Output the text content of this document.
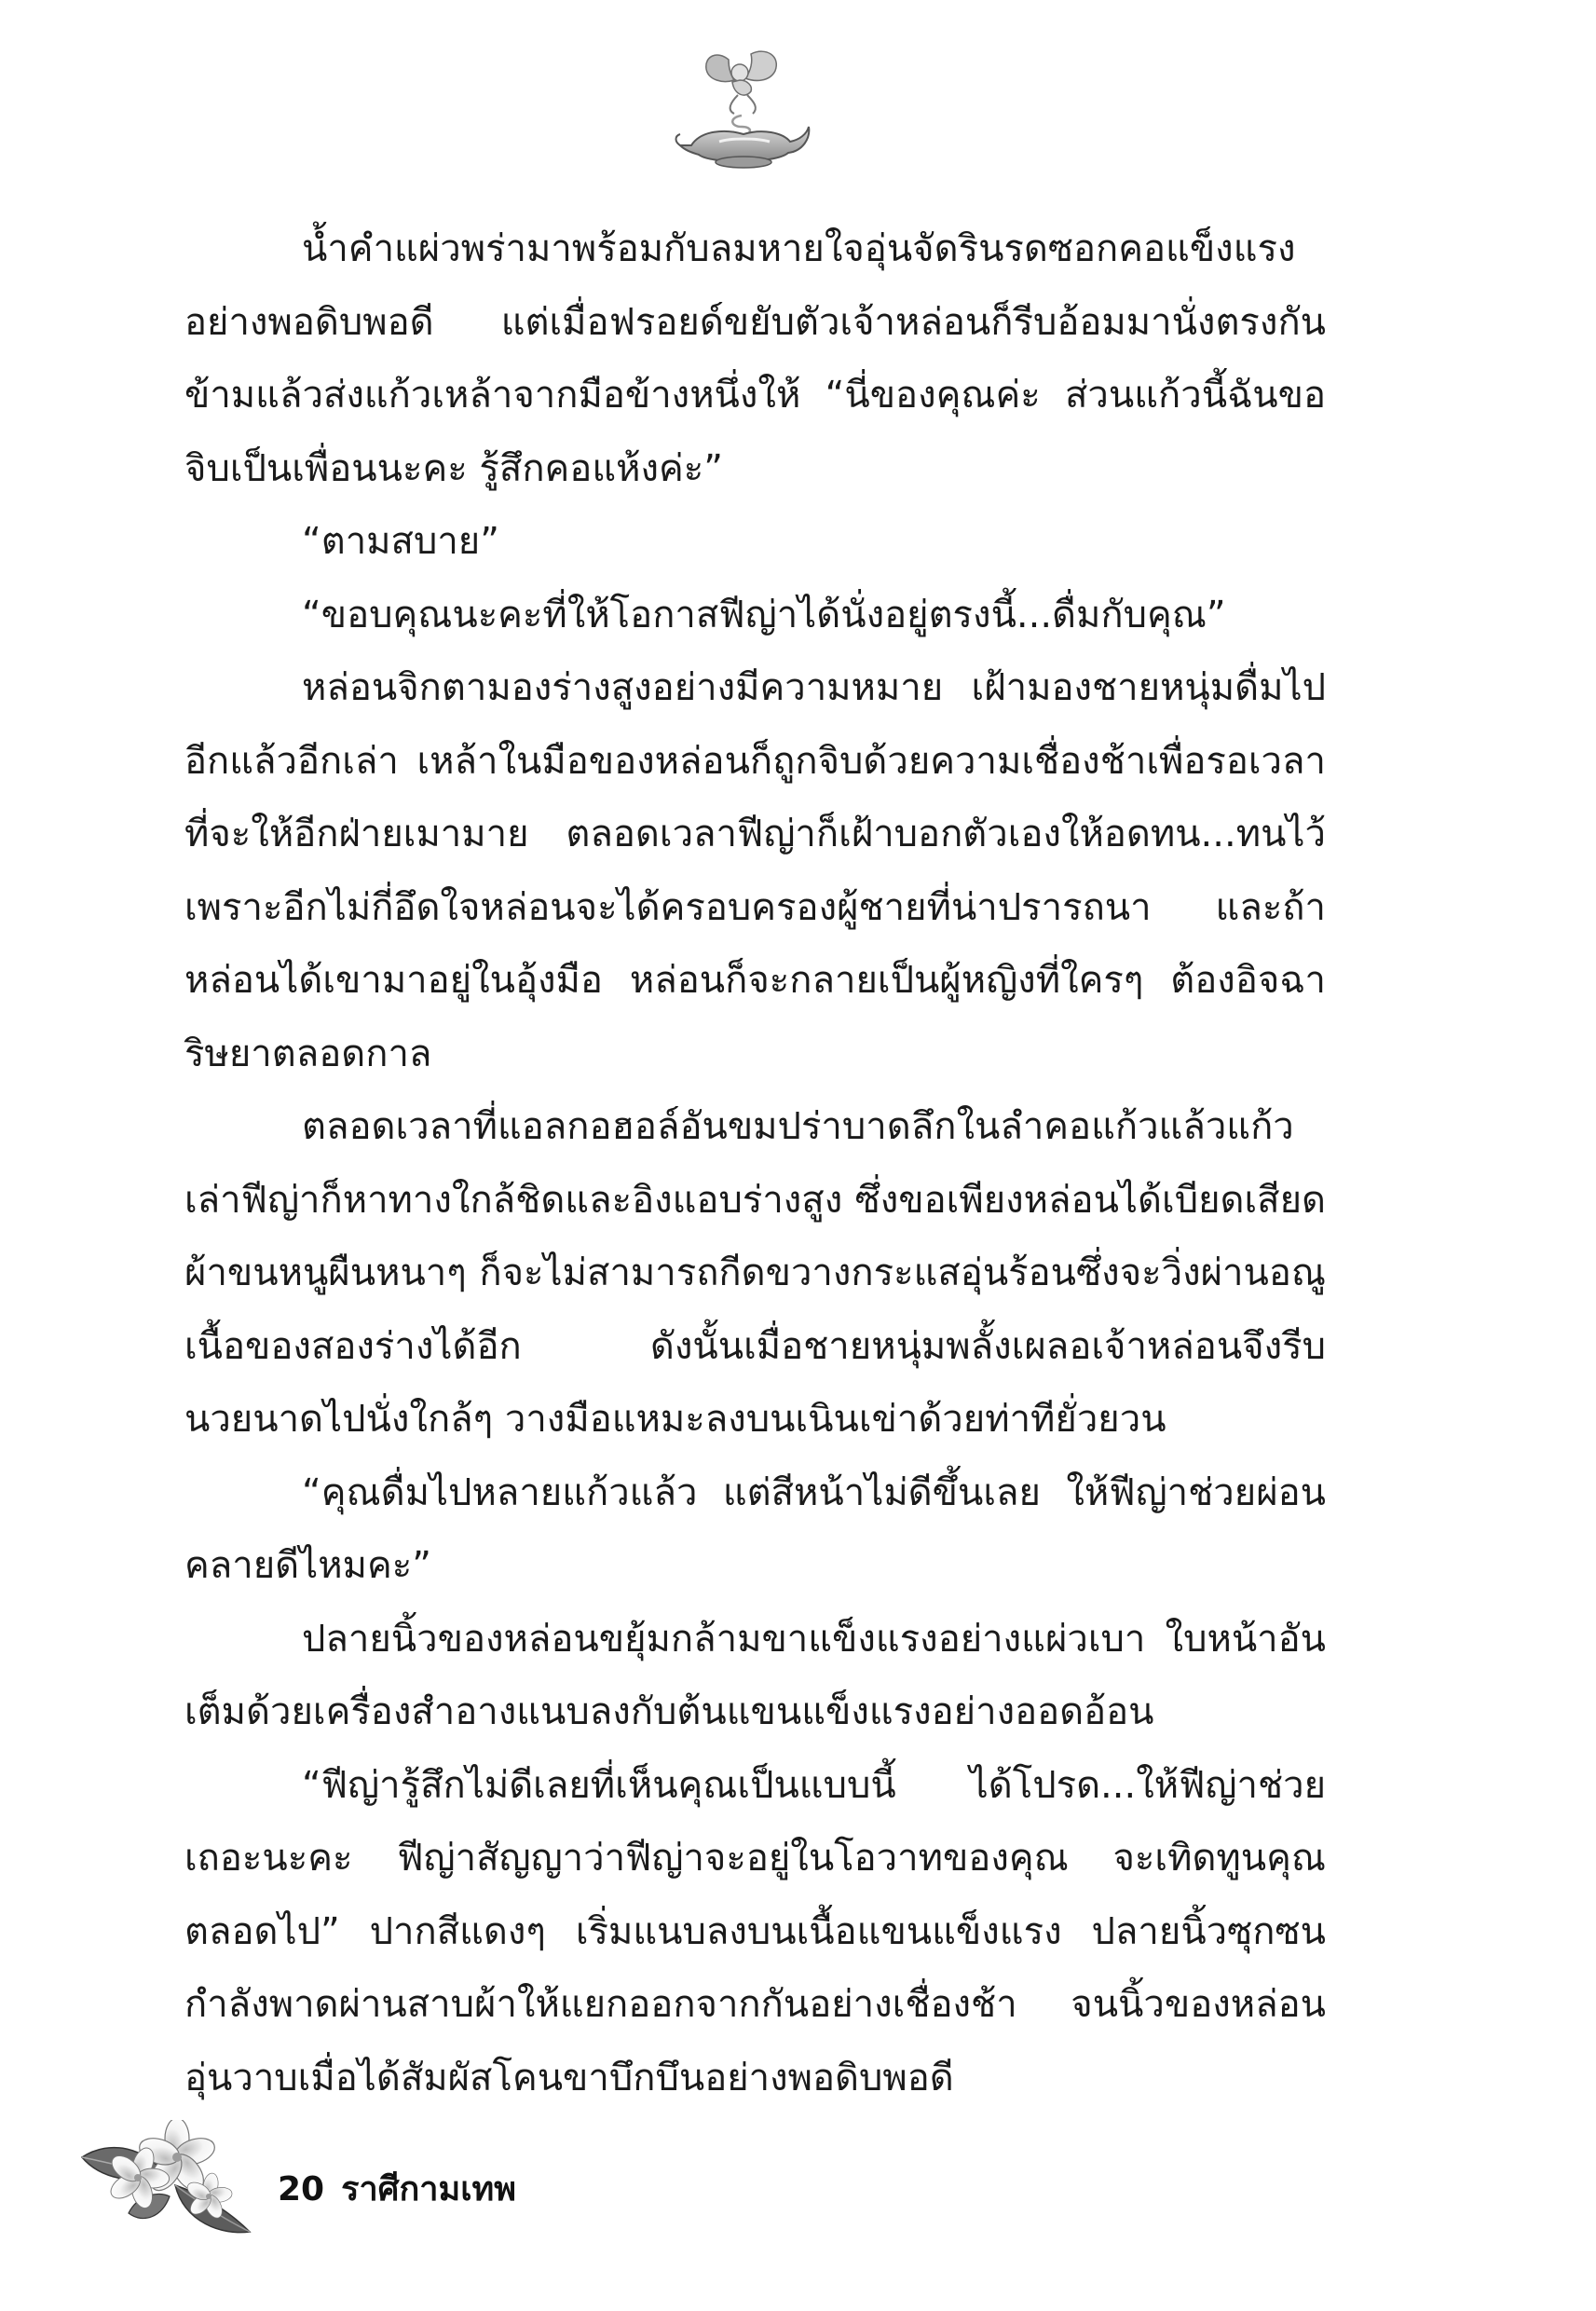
น้ำคำแผ่วพร่ามาพร้อมกับลมหายใจอุ่นจัดรินรดซอกคอแข็งแรงอย่างพอดิบพอดี แต่เมื่อฟรอยด์ขยับตัวเจ้าหล่อนก็รีบอ้อมมานั่งตรงกันข้ามแล้วส่งแก้วเหล้าจากมือข้างหนึ่งให้ “นี่ของคุณค่ะ ส่วนแก้วนี้ฉันขอจิบเป็นเพื่อนนะคะ รู้สึกคอแห้งค่ะ”

“ตามสบาย”

“ขอบคุณนะคะที่ให้โอกาสฟีญ่าได้นั่งอยู่ตรงนี้...ดื่มกับคุณ”

หล่อนจิกตามองร่างสูงอย่างมีความหมาย เฝ้ามองชายหนุ่มดื่มไปอีกแล้วอีกเล่า เหล้าในมือของหล่อนก็ถูกจิบด้วยความเชื่องช้าเพื่อรอเวลาที่จะให้อีกฝ่ายเมามาย ตลอดเวลาฟีญ่าก็เฝ้าบอกตัวเองให้อดทน...ทนไว้เพราะอีกไม่กี่อึดใจหล่อนจะได้ครอบครองผู้ชายที่น่าปรารถนา และถ้าหล่อนได้เขามาอยู่ในอุ้งมือ หล่อนก็จะกลายเป็นผู้หญิงที่ใครๆ ต้องอิจฉาริษยาตลอดกาล

ตลอดเวลาที่แอลกอฮอล์อันขมปร่าบาดลึกในลำคอแก้วแล้วแก้วเล่าฟีญ่าก็หาทางใกล้ชิดและอิงแอบร่างสูง ซึ่งขอเพียงหล่อนได้เบียดเสียดผ้าขนหนูผืนหนาๆ ก็จะไม่สามารถกีดขวางกระแสอุ่นร้อนซึ่งจะวิ่งผ่านอณูเนื้อของสองร่างได้อีก ดังนั้นเมื่อชายหนุ่มพลั้งเผลอเจ้าหล่อนจึงรีบนวยนาดไปนั่งใกล้ๆ วางมือแหมะลงบนเนินเข่าด้วยท่าทียั่วยวน

“คุณดื่มไปหลายแก้วแล้ว แต่สีหน้าไม่ดีขึ้นเลย ให้ฟีญ่าช่วยผ่อนคลายดีไหมคะ”

ปลายนิ้วของหล่อนขยุ้มกล้ามขาแข็งแรงอย่างแผ่วเบา ใบหน้าอันเต็มด้วยเครื่องสำอางแนบลงกับต้นแขนแข็งแรงอย่างออดอ้อน

“ฟีญ่ารู้สึกไม่ดีเลยที่เห็นคุณเป็นแบบนี้ ได้โปรด...ให้ฟีญ่าช่วยเถอะนะคะ ฟีญ่าสัญญาว่าฟีญ่าจะอยู่ในโอวาทของคุณ จะเทิดทูนคุณตลอดไป” ปากสีแดงๆ เริ่มแนบลงบนเนื้อแขนแข็งแรง ปลายนิ้วซุกซนกำลังพาดผ่านสาบผ้าให้แยกออกจากกันอย่างเชื่องช้า จนนิ้วของหล่อนอุ่นวาบเมื่อได้สัมผัสโคนขาบึกบึนอย่างพอดิบพอดี

20 ราศีกามเทพ
